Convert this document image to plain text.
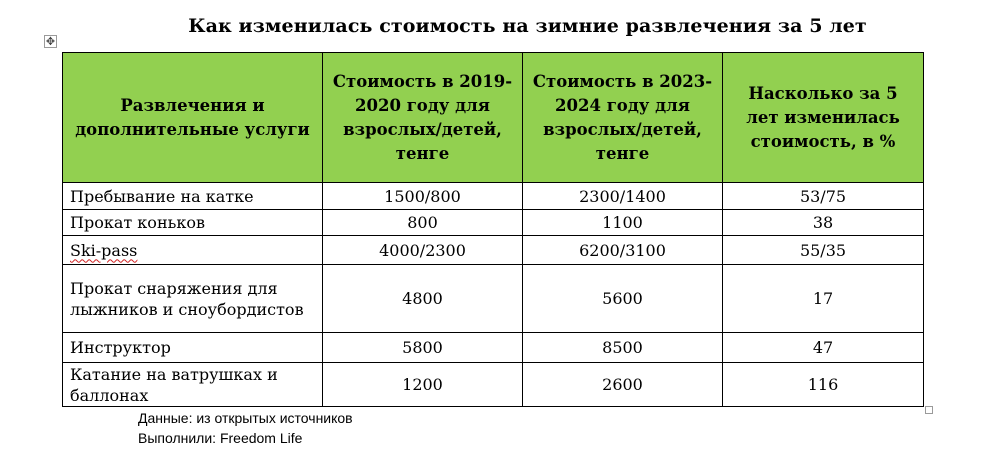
Как изменилась стоимость на зимние развлечения за 5 лет
✥
Развлечения и дополнительные услуги	Стоимость в 2019-2020 году для взрослых/детей, тенге	Стоимость в 2023-2024 году для взрослых/детей, тенге	Насколько за 5 лет изменилась стоимость, в %
Пребывание на катке	1500/800	2300/1400	53/75
Прокат коньков	800	1100	38
Ski-pass	4000/2300	6200/3100	55/35
Прокат снаряжения для лыжников и сноубордистов	4800	5600	17
Инструктор	5800	8500	47
Катание на ватрушках и баллонах	1200	2600	116
Данные: из открытых источников
Выполнили: Freedom Life
